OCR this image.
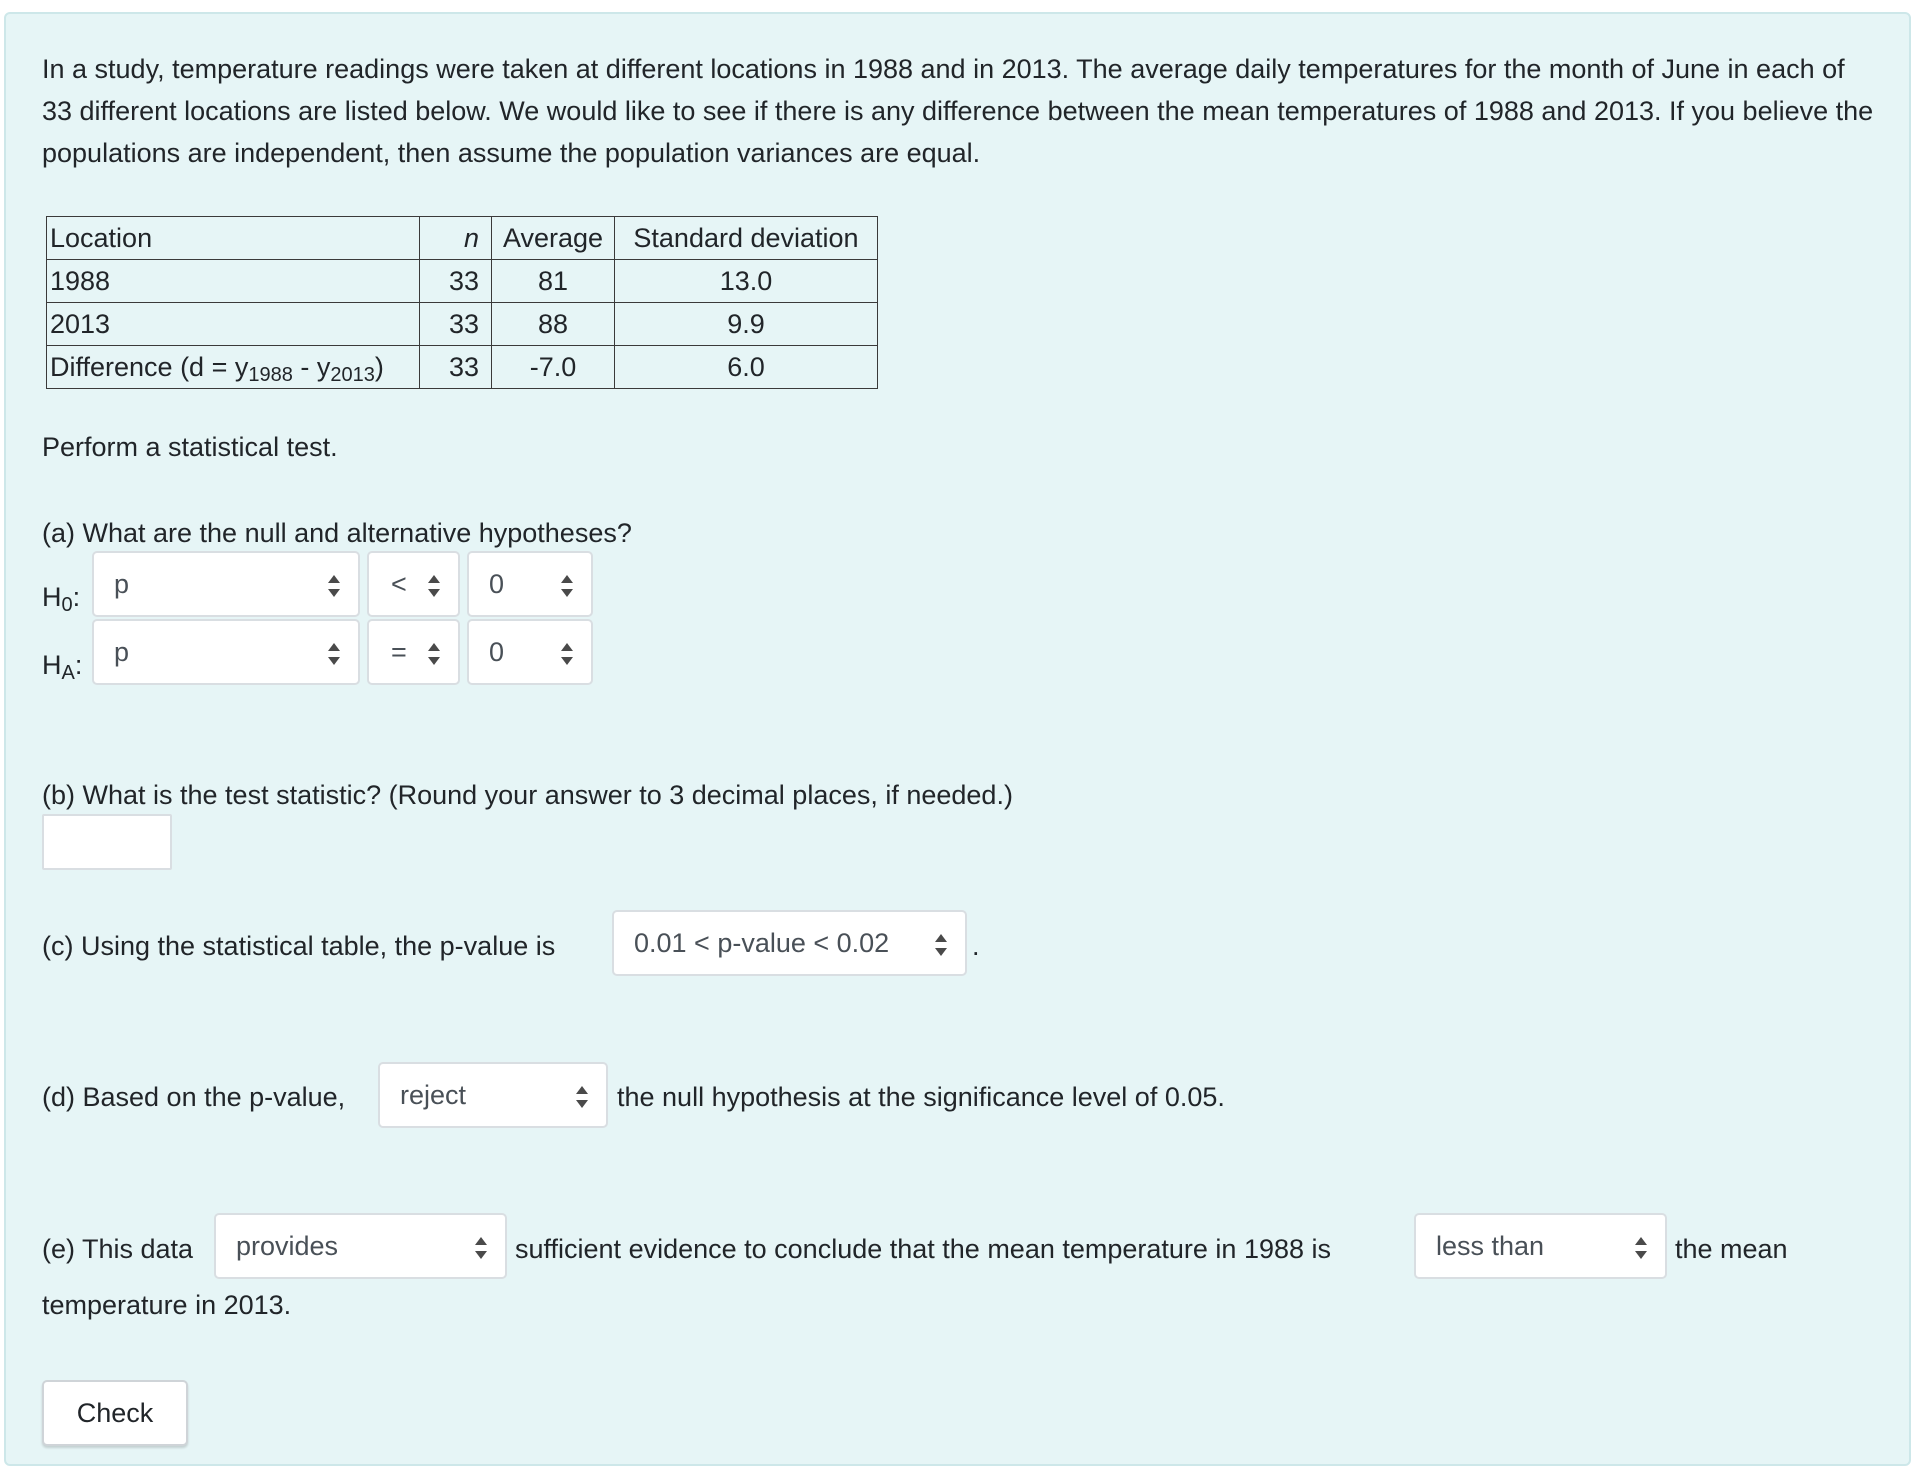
In a study, temperature readings were taken at different locations in 1988 and in 2013. The average daily temperatures for the month of June in each of 33 different locations are listed below. We would like to see if there is any difference between the mean temperatures of 1988 and 2013. If you believe the populations are independent, then assume the population variances are equal.
Location	n	Average	Standard deviation
1988	33	81	13.0
2013	33	88	9.9
Difference $(d = y_{1988} - y_{2013})$	33	-7.0	6.0
Perform a statistical test.
(a) What are the null and alternative hypotheses?
$H_0$:	p	<	0
$H_A$:	p	=	0
(b) What is the test statistic? (Round your answer to 3 decimal places, if needed.)
(c) Using the statistical table, the p-value is	0.01 < p-value < 0.02	.
(d) Based on the p-value,	reject	the null hypothesis at the significance level of 0.05.
(e) This data	provides	sufficient evidence to conclude that the mean temperature in 1988 is	less than	the mean
temperature in 2013.
Check
